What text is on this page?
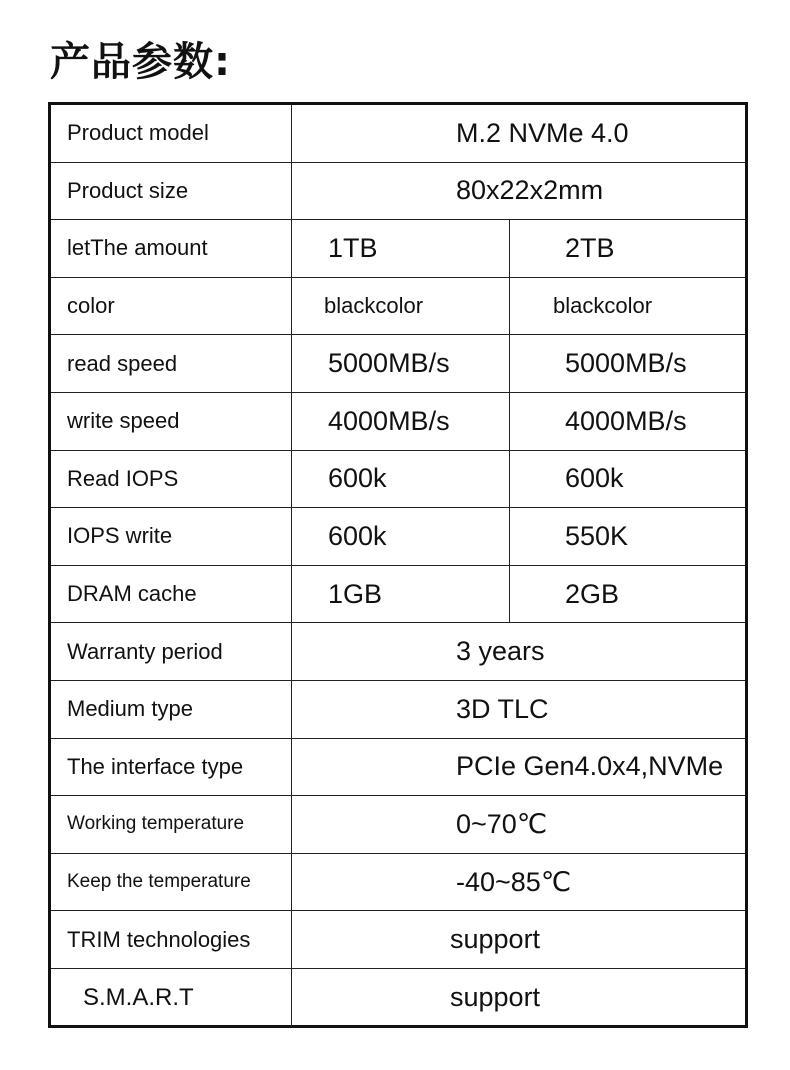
产品参数:
Product model	M.2 NVMe 4.0
Product size	80x22x2mm
letThe amount	1TB	2TB
color	blackcolor	blackcolor
read speed	5000MB/s	5000MB/s
write speed	4000MB/s	4000MB/s
Read IOPS	600k	600k
IOPS write	600k	550K
DRAM cache	1GB	2GB
Warranty period	3 years
Medium type	3D TLC
The interface type	PCIe Gen4.0x4,NVMe
Working temperature	0~70℃
Keep the temperature	-40~85℃
TRIM technologies	support
S.M.A.R.T	support
